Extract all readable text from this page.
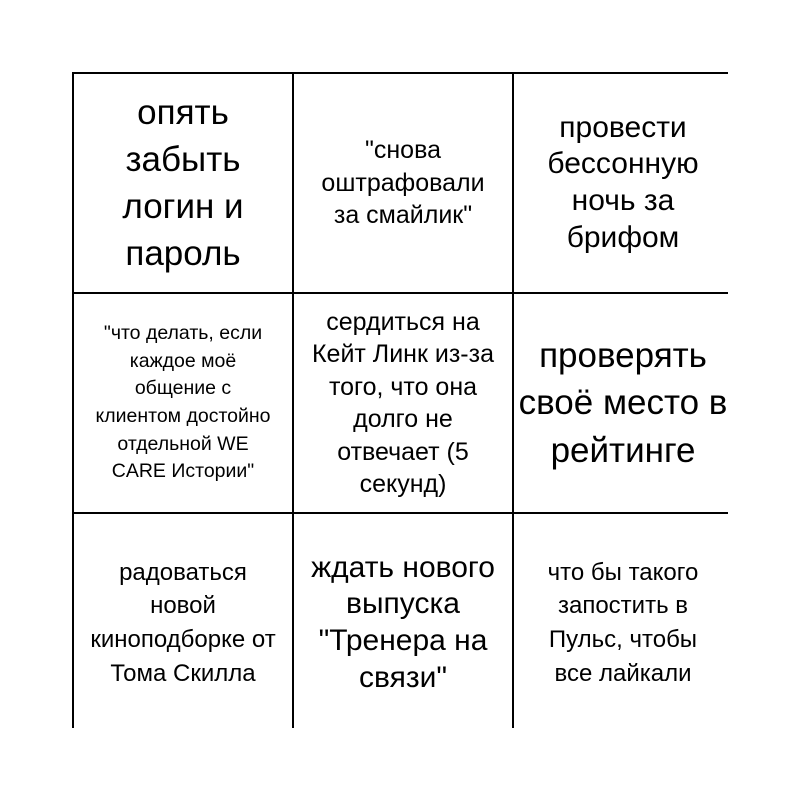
опять забыть логин и пароль
"снова оштрафовали за смайлик"
провести бессонную ночь за брифом
"что делать, если каждое моё общение с клиентом достойно отдельной WE CARE Истории"
сердиться на Кейт Линк из-за того, что она долго не отвечает (5 секунд)
проверять своё место в рейтинге
радоваться новой киноподборке от Тома Скилла
ждать нового выпуска "Тренера на связи"
что бы такого запостить в Пульс, чтобы все лайкали
